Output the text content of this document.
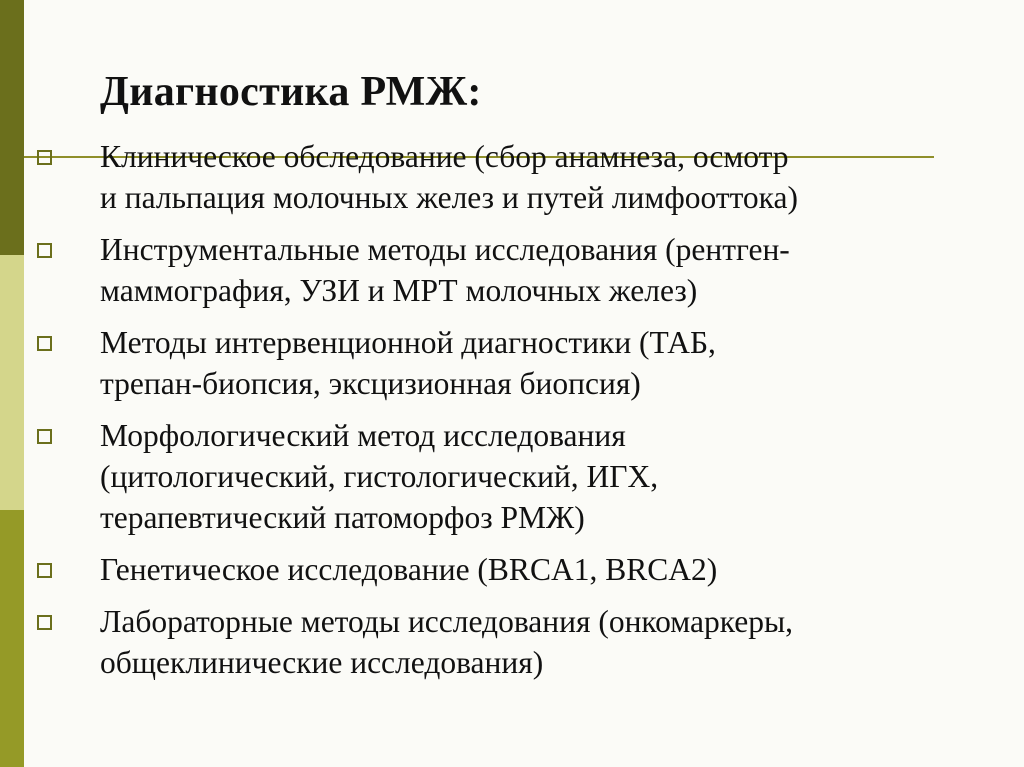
Диагностика РМЖ:
Клиническое обследование (сбор анамнеза, осмотр
и пальпация молочных желез и путей лимфооттока)
Инструментальные методы исследования (рентген-
маммография, УЗИ и МРТ молочных желез)
Методы интервенционной диагностики (ТАБ,
трепан-биопсия, эксцизионная биопсия)
Морфологический метод исследования
(цитологический, гистологический, ИГХ,
терапевтический патоморфоз РМЖ)
Генетическое исследование (BRCA1, BRCA2)
Лабораторные методы исследования (онкомаркеры,
общеклинические исследования)
